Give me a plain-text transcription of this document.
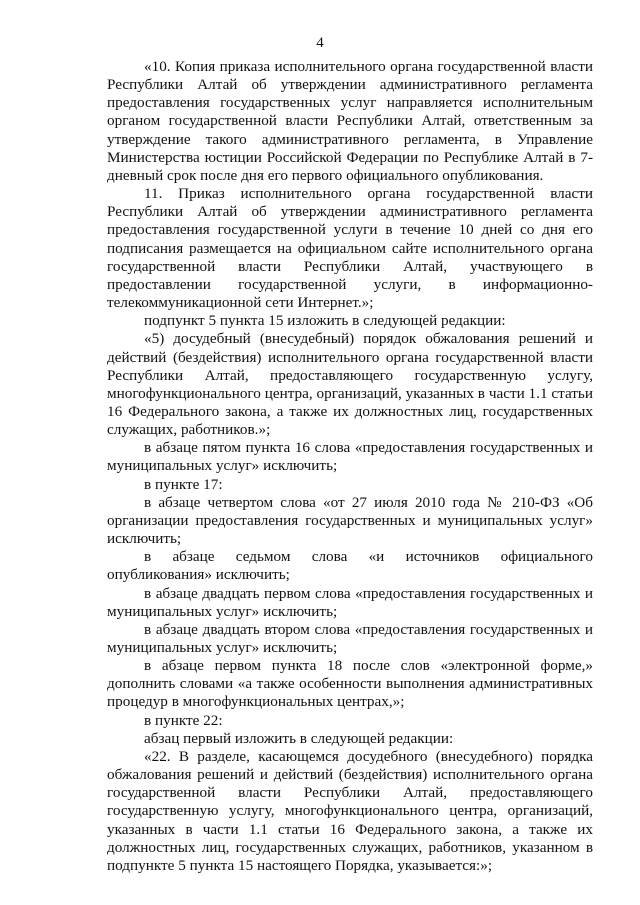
4

«10. Копия приказа исполнительного органа государственной власти Республики Алтай об утверждении административного регламента предоставления государственных услуг направляется исполнительным органом государственной власти Республики Алтай, ответственным за утверждение такого административного регламента, в Управление Министерства юстиции Российской Федерации по Республике Алтай в 7-дневный срок после дня его первого официального опубликования.

11. Приказ исполнительного органа государственной власти Республики Алтай об утверждении административного регламента предоставления государственной услуги в течение 10 дней со дня его подписания размещается на официальном сайте исполнительного органа государственной власти Республики Алтай, участвующего в предоставлении государственной услуги, в информационно-телекоммуникационной сети Интернет.»;

подпункт 5 пункта 15 изложить в следующей редакции:

«5) досудебный (внесудебный) порядок обжалования решений и действий (бездействия) исполнительного органа государственной власти Республики Алтай, предоставляющего государственную услугу, многофункционального центра, организаций, указанных в части 1.1 статьи 16 Федерального закона, а также их должностных лиц, государственных служащих, работников.»;

в абзаце пятом пункта 16 слова «предоставления государственных и муниципальных услуг» исключить;

в пункте 17:

в абзаце четвертом слова «от 27 июля 2010 года № 210-ФЗ «Об организации предоставления государственных и муниципальных услуг» исключить;

в абзаце седьмом слова «и источников официального опубликования» исключить;

в абзаце двадцать первом слова «предоставления государственных и муниципальных услуг» исключить;

в абзаце двадцать втором слова «предоставления государственных и муниципальных услуг» исключить;

в абзаце первом пункта 18 после слов «электронной форме,» дополнить словами «а также особенности выполнения административных процедур в многофункциональных центрах,»;

в пункте 22:

абзац первый изложить в следующей редакции:

«22. В разделе, касающемся досудебного (внесудебного) порядка обжалования решений и действий (бездействия) исполнительного органа государственной власти Республики Алтай, предоставляющего государственную услугу, многофункционального центра, организаций, указанных в части 1.1 статьи 16 Федерального закона, а также их должностных лиц, государственных служащих, работников, указанном в подпункте 5 пункта 15 настоящего Порядка, указывается:»;
